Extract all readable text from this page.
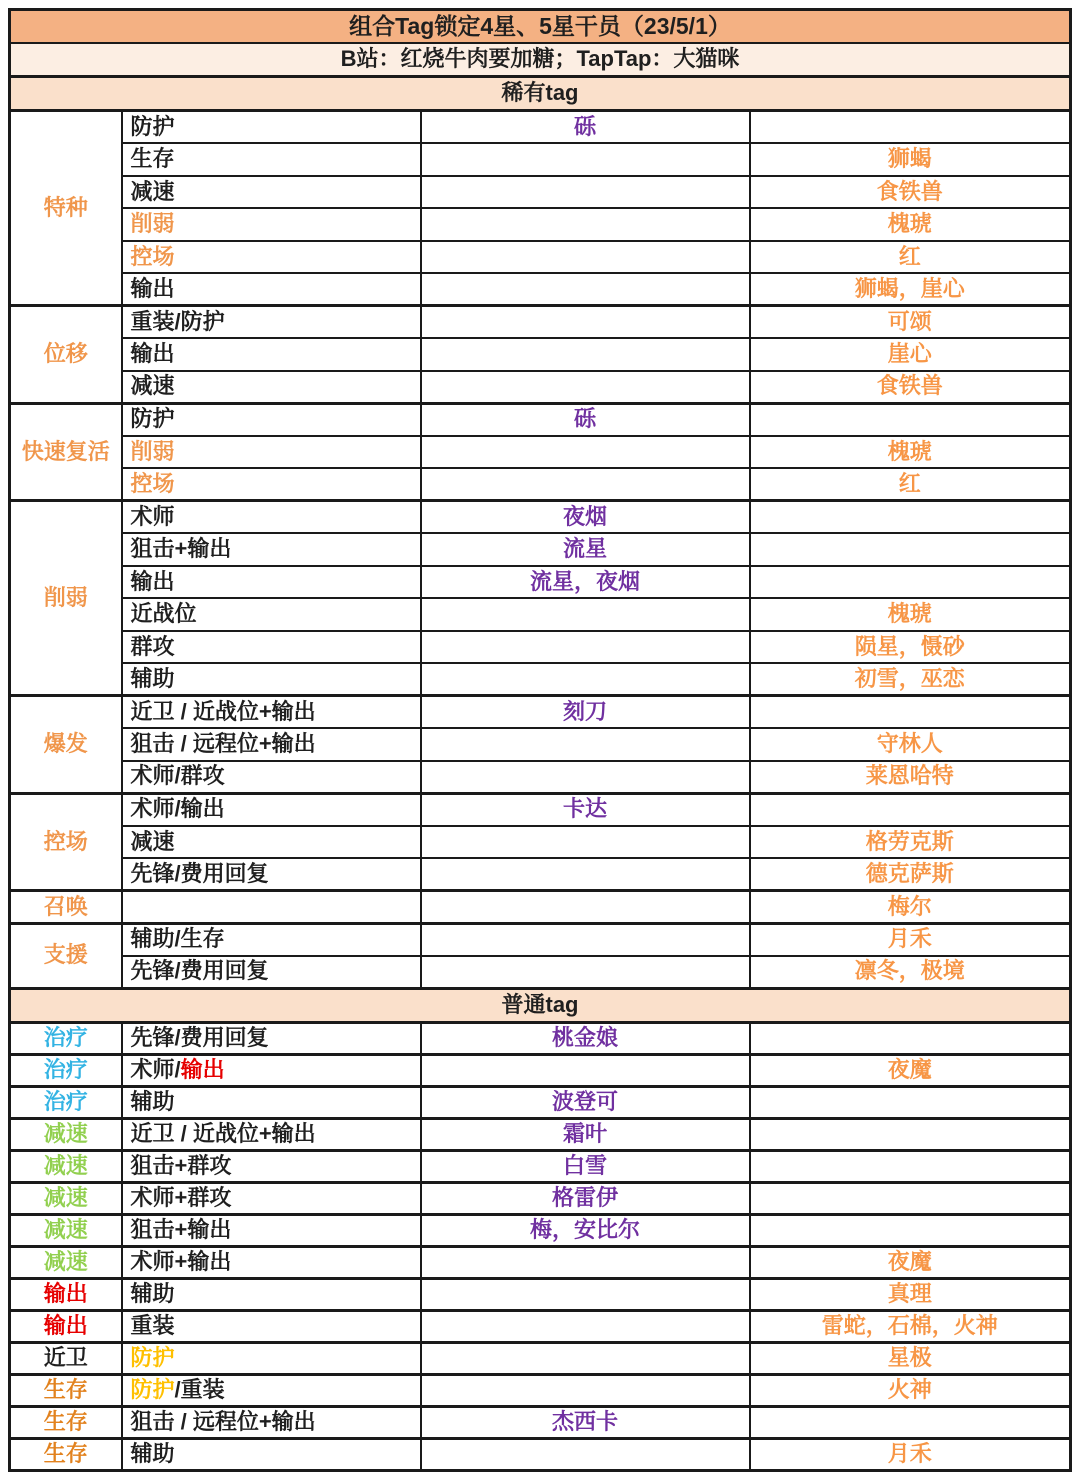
组合Tag锁定4星、5星干员（23/5/1）			
B站：红烧牛肉要加糖；TapTap：大猫咪			
稀有tag			
特种	防护	砾	
	生存		狮蝎
	减速		食铁兽
	削弱		槐琥
	控场		红
	输出		狮蝎，崖心
位移	重装/防护		可颂
	输出		崖心
	减速		食铁兽
快速复活	防护	砾	
	削弱		槐琥
	控场		红
削弱	术师	夜烟	
	狙击+输出	流星	
	输出	流星，夜烟	
	近战位		槐琥
	群攻		陨星，慑砂
	辅助		初雪，巫恋
爆发	近卫 / 近战位+输出	刻刀	
	狙击 / 远程位+输出		守林人
	术师/群攻		莱恩哈特
控场	术师/输出	卡达	
	减速		格劳克斯
	先锋/费用回复		德克萨斯
召唤			梅尔
支援	辅助/生存		月禾
	先锋/费用回复		凛冬，极境
普通tag			
治疗	先锋/费用回复	桃金娘	
治疗	术师/输出		夜魔
治疗	辅助	波登可	
减速	近卫 / 近战位+输出	霜叶	
减速	狙击+群攻	白雪	
减速	术师+群攻	格雷伊	
减速	狙击+输出	梅，安比尔	
减速	术师+输出		夜魔
输出	辅助		真理
输出	重装		雷蛇，石棉，火神
近卫	防护		星极
生存	防护/重装		火神
生存	狙击 / 远程位+输出	杰西卡	
生存	辅助		月禾
